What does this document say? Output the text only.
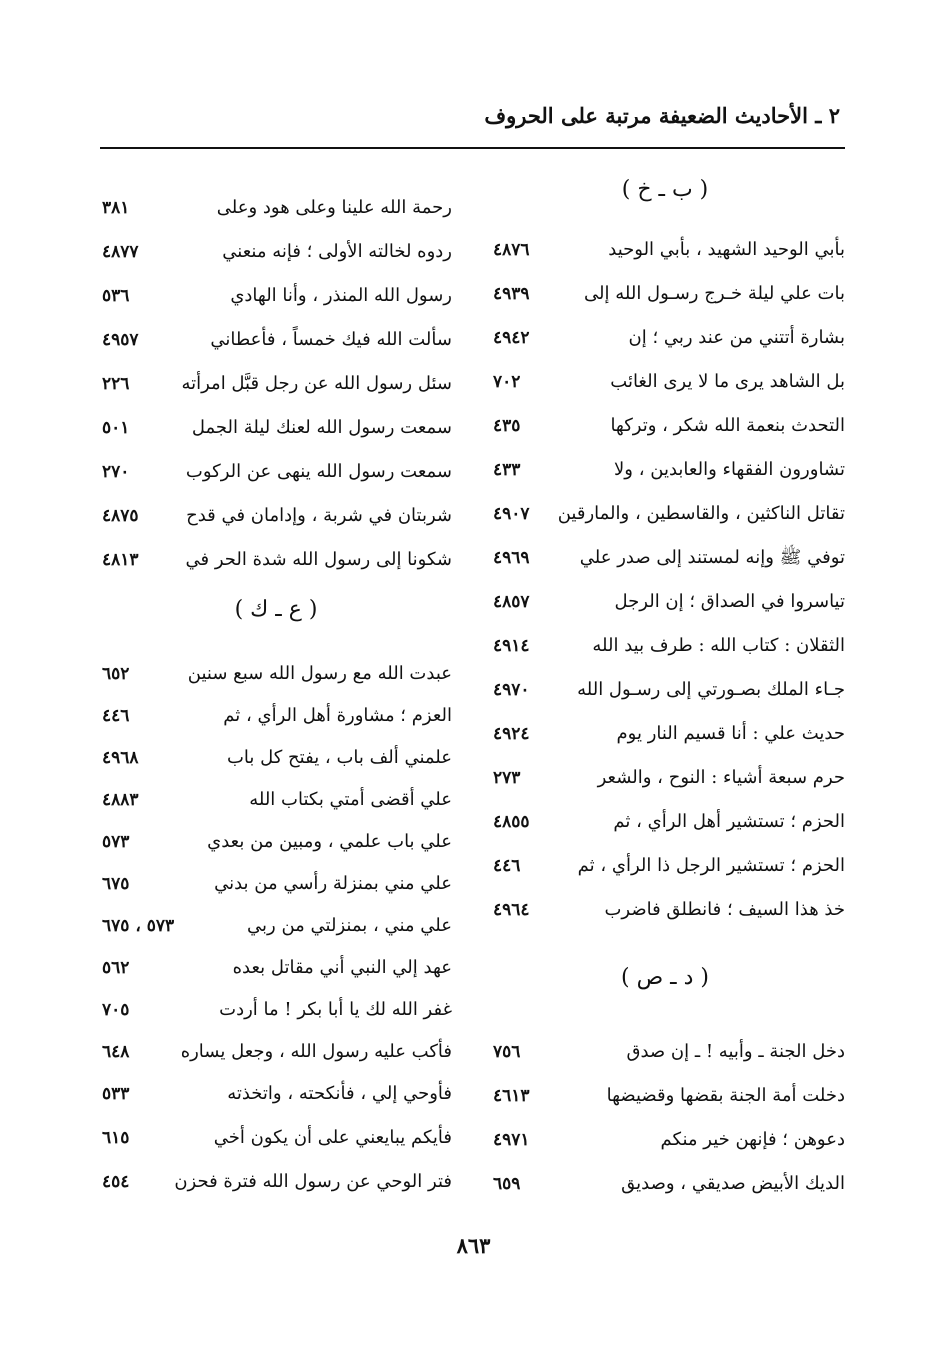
٢ ـ الأحاديث الضعيفة مرتبة على الحروف
( ب ـ خ )
بأبي الوحيد الشهيد ، بأبي الوحيد
٤٨٧٦
بات علي ليلة خـرج رسـول الله إلى
٤٩٣٩
بشارة أتتني من عند ربي ؛ إن
٤٩٤٢
بل الشاهد يرى ما لا يرى الغائب
٧٠٢
التحدث بنعمة الله شكر ، وتركها
٤٣٥
تشاورون الفقهاء والعابدين ، ولا
٤٣٣
تقاتل الناكثين ، والقاسطين ، والمارقين
٤٩٠٧
توفي ﷺ وإنه لمستند إلى صدر علي
٤٩٦٩
تياسروا في الصداق ؛ إن الرجل
٤٨٥٧
الثقلان : كتاب الله : طرف بيد الله
٤٩١٤
جـاء الملك بصـورتي إلى رسـول الله
٤٩٧٠
حديث علي : أنا قسيم النار يوم
٤٩٢٤
حرم سبعة أشياء : النوح ، والشعر
٢٧٣
الحزم ؛ تستشير أهل الرأي ، ثم
٤٨٥٥
الحزم ؛ تستشير الرجل ذا الرأي ، ثم
٤٤٦
خذ هذا السيف ؛ فانطلق فاضرب
٤٩٦٤
( د ـ ص )
دخل الجنة ـ وأبيه ! ـ إن صدق
٧٥٦
دخلت أمة الجنة بقضها وقضيضها
٤٦١٣
دعوهن ؛ فإنهن خير منكم
٤٩٧١
الديك الأبيض صديقي ، وصديق
٦٥٩
رحمة الله علينا وعلى هود وعلى
٣٨١
ردوه لخالته الأولى ؛ فإنه منعني
٤٨٧٧
رسول الله المنذر ، وأنا الهادي
٥٣٦
سألت الله فيك خمساً ، فأعطاني
٤٩٥٧
سئل رسول الله عن رجل قبَّل امرأته
٢٢٦
سمعت رسول الله لعنك ليلة الجمل
٥٠١
سمعت رسول الله ينهى عن الركوب
٢٧٠
شربتان في شربة ، وإدامان في قدح
٤٨٧٥
شكونا إلى رسول الله شدة الحر في
٤٨١٣
( ع ـ ك )
عبدت الله مع رسول الله سبع سنين
٦٥٢
العزم ؛ مشاورة أهل الرأي ، ثم
٤٤٦
علمني ألف باب ، يفتح كل باب
٤٩٦٨
علي أقضى أمتي بكتاب الله
٤٨٨٣
علي باب علمي ، ومبين من بعدي
٥٧٣
علي مني بمنزلة رأسي من بدني
٦٧٥
علي مني ، بمنزلتي من ربي
٥٧٣ ، ٦٧٥
عهد إلي النبي أني مقاتل بعده
٥٦٢
غفر الله لك يا أبا بكر ! ما أردت
٧٠٥
فأكب عليه رسول الله ، وجعل يساره
٦٤٨
فأوحي إلي ، فأنكحته ، واتخذته
٥٣٣
فأيكم يبايعني على أن يكون أخي
٦١٥
فتر الوحي عن رسول الله فترة فحزن
٤٥٤
٨٦٣
